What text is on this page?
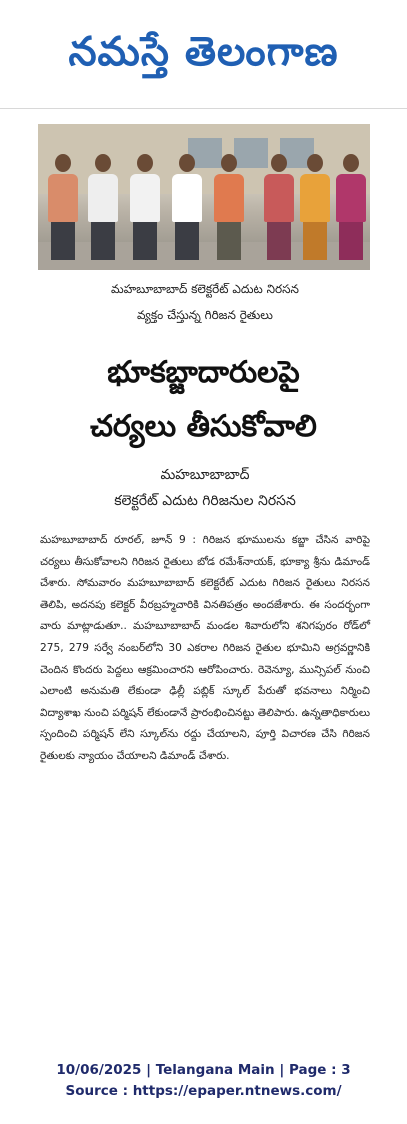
నమస్తే తెలంగాణ
మహబూబాబాద్ కలెక్టరేట్ ఎదుట నిరసన
వ్యక్తం చేస్తున్న గిరిజన రైతులు
భూకబ్జాదారులపై
చర్యలు తీసుకోవాలి
మహబూబాబాద్
కలెక్టరేట్ ఎదుట గిరిజనుల నిరసన
మహబూబాబాద్ రూరల్, జూన్ 9 : గిరిజన భూములను కబ్జా చేసిన వారిపై చర్యలు తీసుకోవాలని గిరిజన రైతులు బోడ రమేశ్‌నాయక్, భూక్యా శ్రీను డిమాండ్ చేశారు. సోమవారం మహబూబాబాద్ కలెక్టరేట్ ఎదుట గిరిజన రైతులు నిరసన తెలిపి, అదనపు కలెక్టర్ వీరబ్రహ్మచారికి వినతిపత్రం అందజేశారు. ఈ సందర్భంగా వారు మాట్లాడుతూ.. మహబూబాబాద్ మండల శివారులోని శనిగపురం రోడ్‌లో 275, 279 సర్వే నంబర్‌లోని 30 ఎకరాల గిరిజన రైతుల భూమిని అగ్రవర్ణానికి చెందిన కొందరు పెద్దలు ఆక్రమించారని ఆరోపించారు. రెవెన్యూ, మున్సిపల్ నుంచి ఎలాంటి అనుమతి లేకుండా ఢిల్లీ పబ్లిక్ స్కూల్ పేరుతో భవనాలు నిర్మించి విద్యాశాఖ నుంచి పర్మిషన్ లేకుండానే ప్రారంభించినట్టు తెలిపారు. ఉన్నతాధికారులు స్పందించి పర్మిషన్ లేని స్కూల్‌ను రద్దు చేయాలని, పూర్తి విచారణ చేసి గిరిజన రైతులకు న్యాయం చేయాలని డిమాండ్ చేశారు.
10/06/2025 | Telangana Main | Page : 3
Source : https://epaper.ntnews.com/
